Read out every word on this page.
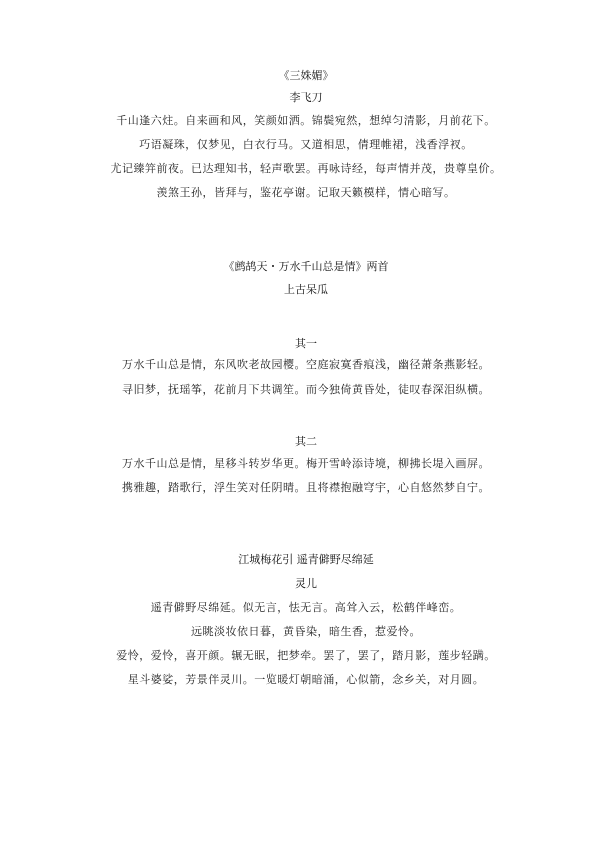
《三姝媚》
李飞刀
千山逢六炷。自来画和风，笑颜如洒。锦鬓宛然，想绰匀清影，月前花下。
巧语凝珠，仅梦见，白衣行马。又道相思，倩理帷裙，浅香浮衩。
尤记臻笄前夜。已达理知书，轻声歌罢。再咏诗经，每声情并茂，贵尊皇价。
羡煞王孙，皆拜与，鉴花亭谢。记取天籁模样，情心暗写。
《鹧鸪天・万水千山总是情》两首
上古呆瓜
其一
万水千山总是情，东风吹老故园樱。空庭寂寞香痕浅，幽径萧条燕影轻。
寻旧梦，抚瑶筝，花前月下共调笙。而今独倚黄昏处，徒叹春深泪纵横。
其二
万水千山总是情，星移斗转岁华更。梅开雪岭添诗境，柳拂长堤入画屏。
携雅趣，踏歌行，浮生笑对任阴晴。且将襟抱融穹宇，心自悠然梦自宁。
江城梅花引 遥青僻野尽绵延
灵儿
遥青僻野尽绵延。似无言，怯无言。高耸入云，松鹤伴峰峦。
远眺淡妆依日暮，黄昏染，暗生香，惹爱怜。
爱怜，爱怜，喜开颜。辗无眠，把梦牵。罢了，罢了，踏月影，莲步轻蹒。
星斗婆娑，芳景伴灵川。一览暖灯朝暗涌，心似箭，念乡关，对月圆。
